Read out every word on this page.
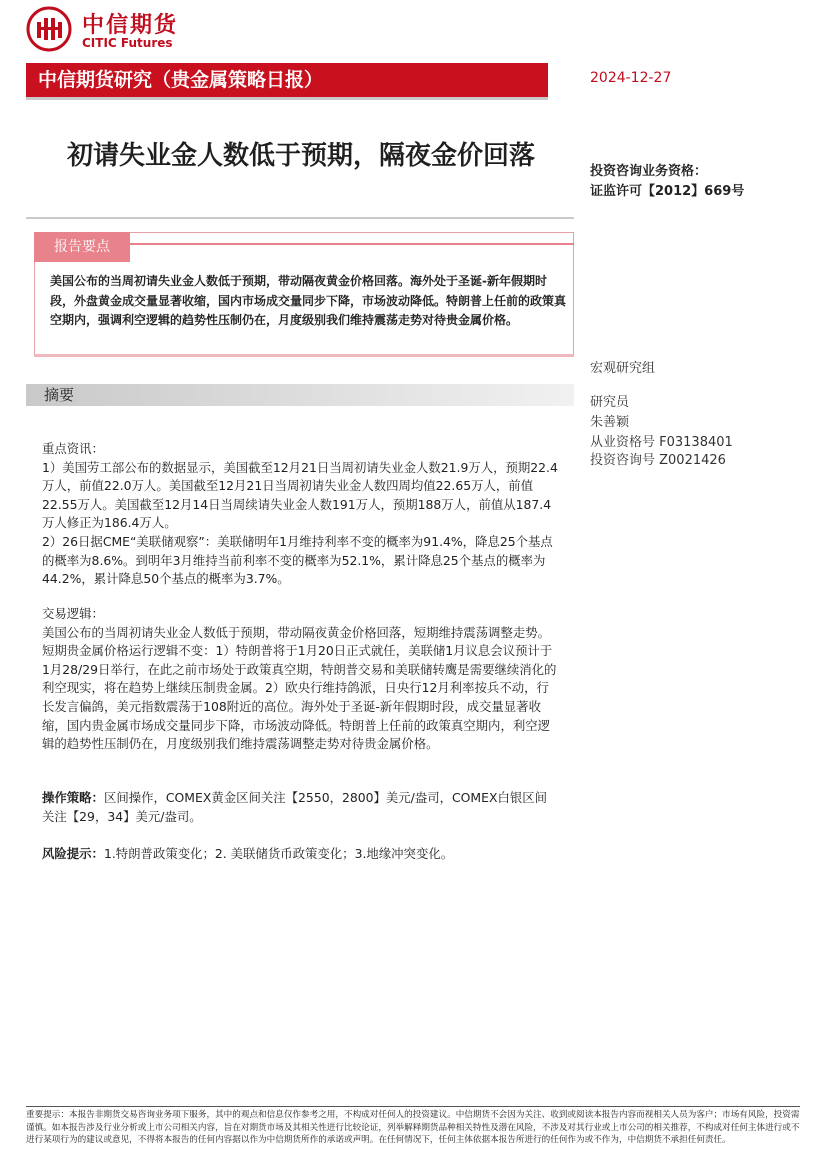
中信期货
CITIC Futures
中信期货研究（贵金属策略日报）	2024-12-27
初请失业金人数低于预期，隔夜金价回落
投资咨询业务资格：
证监许可【2012】669号
报告要点
美国公布的当周初请失业金人数低于预期，带动隔夜黄金价格回落。海外处于圣诞-新年假期时段，外盘黄金成交量显著收缩，国内市场成交量同步下降，市场波动降低。特朗普上任前的政策真空期内，强调利空逻辑的趋势性压制仍在，月度级别我们维持震荡走势对待贵金属价格。
宏观研究组
研究员
朱善颖
从业资格号 F03138401
投资咨询号 Z0021426
摘要
重点资讯：
1）美国劳工部公布的数据显示，美国截至12月21日当周初请失业金人数21.9万人，预期22.4万人，前值22.0万人。美国截至12月21日当周初请失业金人数四周均值22.65万人，前值22.55万人。美国截至12月14日当周续请失业金人数191万人，预期188万人，前值从187.4万人修正为186.4万人。
2）26日据CME“美联储观察”：美联储明年1月维持利率不变的概率为91.4%，降息25个基点的概率为8.6%。到明年3月维持当前利率不变的概率为52.1%，累计降息25个基点的概率为44.2%，累计降息50个基点的概率为3.7%。
交易逻辑：
美国公布的当周初请失业金人数低于预期，带动隔夜黄金价格回落，短期维持震荡调整走势。短期贵金属价格运行逻辑不变：1）特朗普将于1月20日正式就任，美联储1月议息会议预计于1月28/29日举行，在此之前市场处于政策真空期，特朗普交易和美联储转鹰是需要继续消化的利空现实，将在趋势上继续压制贵金属。2）欧央行维持鸽派，日央行12月利率按兵不动，行长发言偏鸽，美元指数震荡于108附近的高位。海外处于圣诞-新年假期时段，成交量显著收缩，国内贵金属市场成交量同步下降，市场波动降低。特朗普上任前的政策真空期内，利空逻辑的趋势性压制仍在，月度级别我们维持震荡调整走势对待贵金属价格。
操作策略：区间操作，COMEX黄金区间关注【2550，2800】美元/盎司，COMEX白银区间关注【29，34】美元/盎司。
风险提示：1.特朗普政策变化；2. 美联储货币政策变化；3.地缘冲突变化。
重要提示：本报告非期货交易咨询业务项下服务，其中的观点和信息仅作参考之用，不构成对任何人的投资建议。中信期货不会因为关注、收到或阅读本报告内容而视相关人员为客户；市场有风险，投资需谨慎。如本报告涉及行业分析或上市公司相关内容，旨在对期货市场及其相关性进行比较论证，列举解释期货品种相关特性及潜在风险，不涉及对其行业或上市公司的相关推荐，不构成对任何主体进行或不进行某项行为的建议或意见，不得将本报告的任何内容据以作为中信期货所作的承诺或声明。在任何情况下，任何主体依据本报告所进行的任何作为或不作为，中信期货不承担任何责任。
